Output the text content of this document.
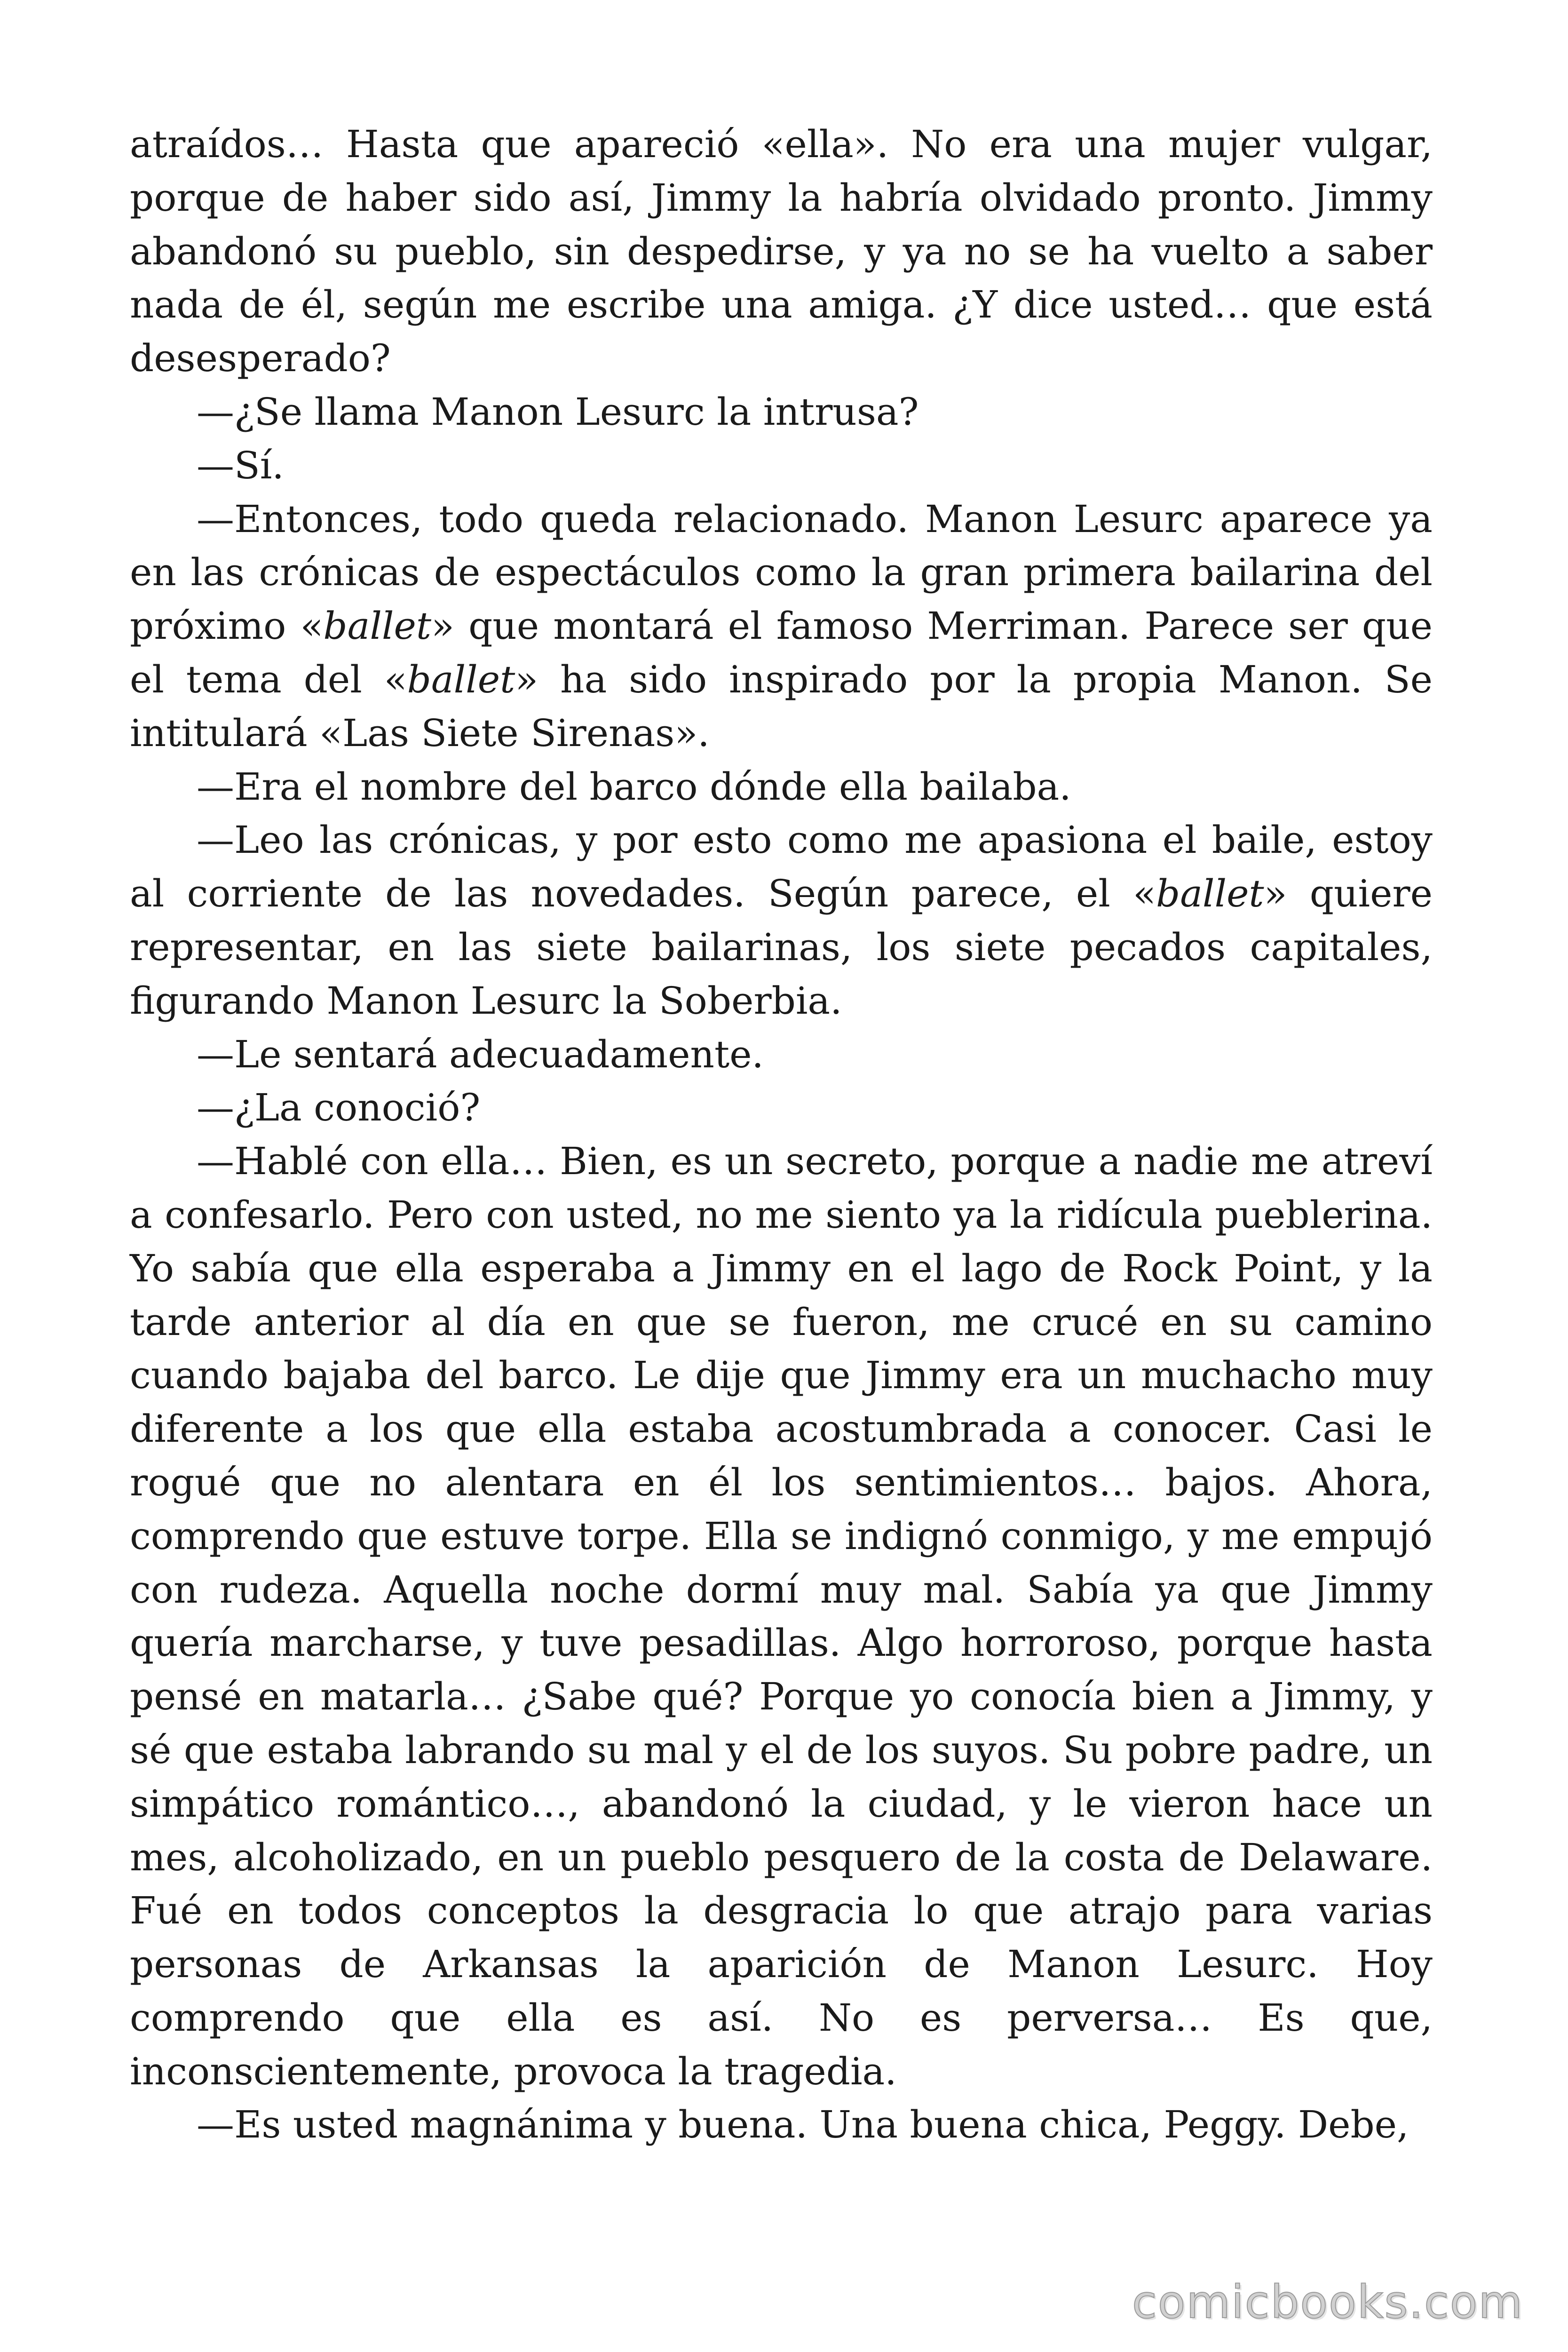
atraídos… Hasta que apareció «ella». No era una mujer vulgar, porque de haber sido así, Jimmy la habría olvidado pronto. Jimmy abandonó su pueblo, sin despedirse, y ya no se ha vuelto a saber nada de él, según me escribe una amiga. ¿Y dice usted… que está desesperado?

—¿Se llama Manon Lesurc la intrusa?

—Sí.

—Entonces, todo queda relacionado. Manon Lesurc aparece ya en las crónicas de espectáculos como la gran primera bailarina del próximo «ballet» que montará el famoso Merriman. Parece ser que el tema del «ballet» ha sido inspirado por la propia Manon. Se intitulará «Las Siete Sirenas».

—Era el nombre del barco dónde ella bailaba.

—Leo las crónicas, y por esto como me apasiona el baile, estoy al corriente de las novedades. Según parece, el «ballet» quiere representar, en las siete bailarinas, los siete pecados capitales, figurando Manon Lesurc la Soberbia.

—Le sentará adecuadamente.

—¿La conoció?

—Hablé con ella… Bien, es un secreto, porque a nadie me atreví a confesarlo. Pero con usted, no me siento ya la ridícula pueblerina. Yo sabía que ella esperaba a Jimmy en el lago de Rock Point, y la tarde anterior al día en que se fueron, me crucé en su camino cuando bajaba del barco. Le dije que Jimmy era un muchacho muy diferente a los que ella estaba acostumbrada a conocer. Casi le rogué que no alentara en él los sentimientos… bajos. Ahora, comprendo que estuve torpe. Ella se indignó conmigo, y me empujó con rudeza. Aquella noche dormí muy mal. Sabía ya que Jimmy quería marcharse, y tuve pesadillas. Algo horroroso, porque hasta pensé en matarla… ¿Sabe qué? Porque yo conocía bien a Jimmy, y sé que estaba labrando su mal y el de los suyos. Su pobre padre, un simpático romántico…, abandonó la ciudad, y le vieron hace un mes, alcoholizado, en un pueblo pesquero de la costa de Delaware. Fué en todos conceptos la desgracia lo que atrajo para varias personas de Arkansas la aparición de Manon Lesurc. Hoy comprendo que ella es así. No es perversa… Es que, inconscientemente, provoca la tragedia.

—Es usted magnánima y buena. Una buena chica, Peggy. Debe,

comicbooks.com
